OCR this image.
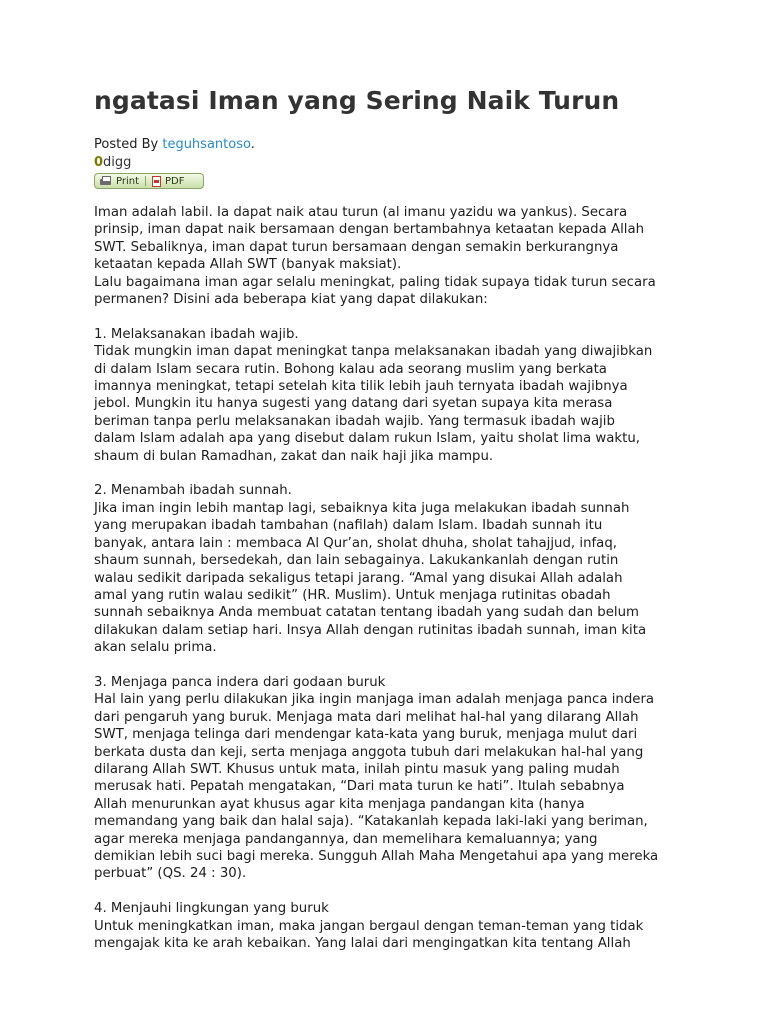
ngatasi Iman yang Sering Naik Turun
Posted By teguhsantoso.
0digg
Print	PDF

Iman adalah labil. Ia dapat naik atau turun (al imanu yazidu wa yankus). Secara

prinsip, iman dapat naik bersamaan dengan bertambahnya ketaatan kepada Allah

SWT. Sebaliknya, iman dapat turun bersamaan dengan semakin berkurangnya

ketaatan kepada Allah SWT (banyak maksiat).

Lalu bagaimana iman agar selalu meningkat, paling tidak supaya tidak turun secara

permanen? Disini ada beberapa kiat yang dapat dilakukan:

1. Melaksanakan ibadah wajib.

Tidak mungkin iman dapat meningkat tanpa melaksanakan ibadah yang diwajibkan

di dalam Islam secara rutin. Bohong kalau ada seorang muslim yang berkata

imannya meningkat, tetapi setelah kita tilik lebih jauh ternyata ibadah wajibnya

jebol. Mungkin itu hanya sugesti yang datang dari syetan supaya kita merasa

beriman tanpa perlu melaksanakan ibadah wajib. Yang termasuk ibadah wajib

dalam Islam adalah apa yang disebut dalam rukun Islam, yaitu sholat lima waktu,

shaum di bulan Ramadhan, zakat dan naik haji jika mampu.

2. Menambah ibadah sunnah.

Jika iman ingin lebih mantap lagi, sebaiknya kita juga melakukan ibadah sunnah

yang merupakan ibadah tambahan (nafilah) dalam Islam. Ibadah sunnah itu

banyak, antara lain : membaca Al Qur’an, sholat dhuha, sholat tahajjud, infaq,

shaum sunnah, bersedekah, dan lain sebagainya. Lakukankanlah dengan rutin

walau sedikit daripada sekaligus tetapi jarang. “Amal yang disukai Allah adalah

amal yang rutin walau sedikit” (HR. Muslim). Untuk menjaga rutinitas obadah

sunnah sebaiknya Anda membuat catatan tentang ibadah yang sudah dan belum

dilakukan dalam setiap hari. Insya Allah dengan rutinitas ibadah sunnah, iman kita

akan selalu prima.

3. Menjaga panca indera dari godaan buruk

Hal lain yang perlu dilakukan jika ingin manjaga iman adalah menjaga panca indera

dari pengaruh yang buruk. Menjaga mata dari melihat hal-hal yang dilarang Allah

SWT, menjaga telinga dari mendengar kata-kata yang buruk, menjaga mulut dari

berkata dusta dan keji, serta menjaga anggota tubuh dari melakukan hal-hal yang

dilarang Allah SWT. Khusus untuk mata, inilah pintu masuk yang paling mudah

merusak hati. Pepatah mengatakan, “Dari mata turun ke hati”. Itulah sebabnya

Allah menurunkan ayat khusus agar kita menjaga pandangan kita (hanya

memandang yang baik dan halal saja). “Katakanlah kepada laki-laki yang beriman,

agar mereka menjaga pandangannya, dan memelihara kemaluannya; yang

demikian lebih suci bagi mereka. Sungguh Allah Maha Mengetahui apa yang mereka

perbuat” (QS. 24 : 30).

4. Menjauhi lingkungan yang buruk

Untuk meningkatkan iman, maka jangan bergaul dengan teman-teman yang tidak

mengajak kita ke arah kebaikan. Yang lalai dari mengingatkan kita tentang Allah
